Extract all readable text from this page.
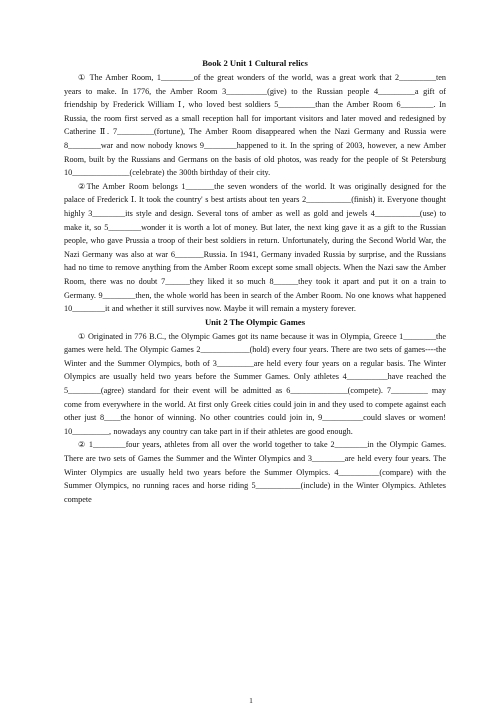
Book 2 Unit 1 Cultural relics

① The Amber Room, 1________of the great wonders of the world, was a great work that 2_________ten years to make. In 1776, the Amber Room 3__________(give) to the Russian people 4_________a gift of friendship by Frederick William Ⅰ, who loved best soldiers 5_________than the Amber Room 6________. In Russia, the room first served as a small reception hall for important visitors and later moved and redesigned by Catherine Ⅱ. 7_________(fortune), The Amber Room disappeared when the Nazi Germany and Russia were 8________war and now nobody knows 9________happened to it. In the spring of 2003, however, a new Amber Room, built by the Russians and Germans on the basis of old photos, was ready for the people of St Petersburg 10______________(celebrate) the 300th birthday of their city.

②The Amber Room belongs 1_______the seven wonders of the world. It was originally designed for the palace of Frederick Ⅰ. It took the country' s best artists about ten years 2___________(finish) it. Everyone thought highly 3________its style and design. Several tons of amber as well as gold and jewels 4___________(use) to make it, so 5________wonder it is worth a lot of money. But later, the next king gave it as a gift to the Russian people, who gave Prussia a troop of their best soldiers in return. Unfortunately, during the Second World War, the Nazi Germany was also at war 6_______Russia. In 1941, Germany invaded Russia by surprise, and the Russians had no time to remove anything from the Amber Room except some small objects. When the Nazi saw the Amber Room, there was no doubt 7______they liked it so much 8______they took it apart and put it on a train to Germany. 9________then, the whole world has been in search of the Amber Room. No one knows what happened 10________it and whether it still survives now. Maybe it will remain a mystery forever.

Unit 2 The Olympic Games

① Originated in 776 B.C., the Olympic Games got its name because it was in Olympia, Greece 1________the games were held. The Olympic Games 2____________(hold) every four years. There are two sets of games----the Winter and the Summer Olympics, both of 3_________are held every four years on a regular basis. The Winter Olympics are usually held two years before the Summer Games. Only athletes 4__________have reached the 5________(agree) standard for their event will be admitted as 6______________(compete). 7_________ may come from everywhere in the world. At first only Greek cities could join in and they used to compete against each other just 8____the honor of winning. No other countries could join in, 9__________could slaves or women! 10_________, nowadays any country can take part in if their athletes are good enough.

② 1________four years, athletes from all over the world together to take 2________in the Olympic Games. There are two sets of Games the Summer and the Winter Olympics and 3________are held every four years. The Winter Olympics are usually held two years before the Summer Olympics. 4__________(compare) with the Summer Olympics, no running races and horse riding 5___________(include) in the Winter Olympics. Athletes compete

1
